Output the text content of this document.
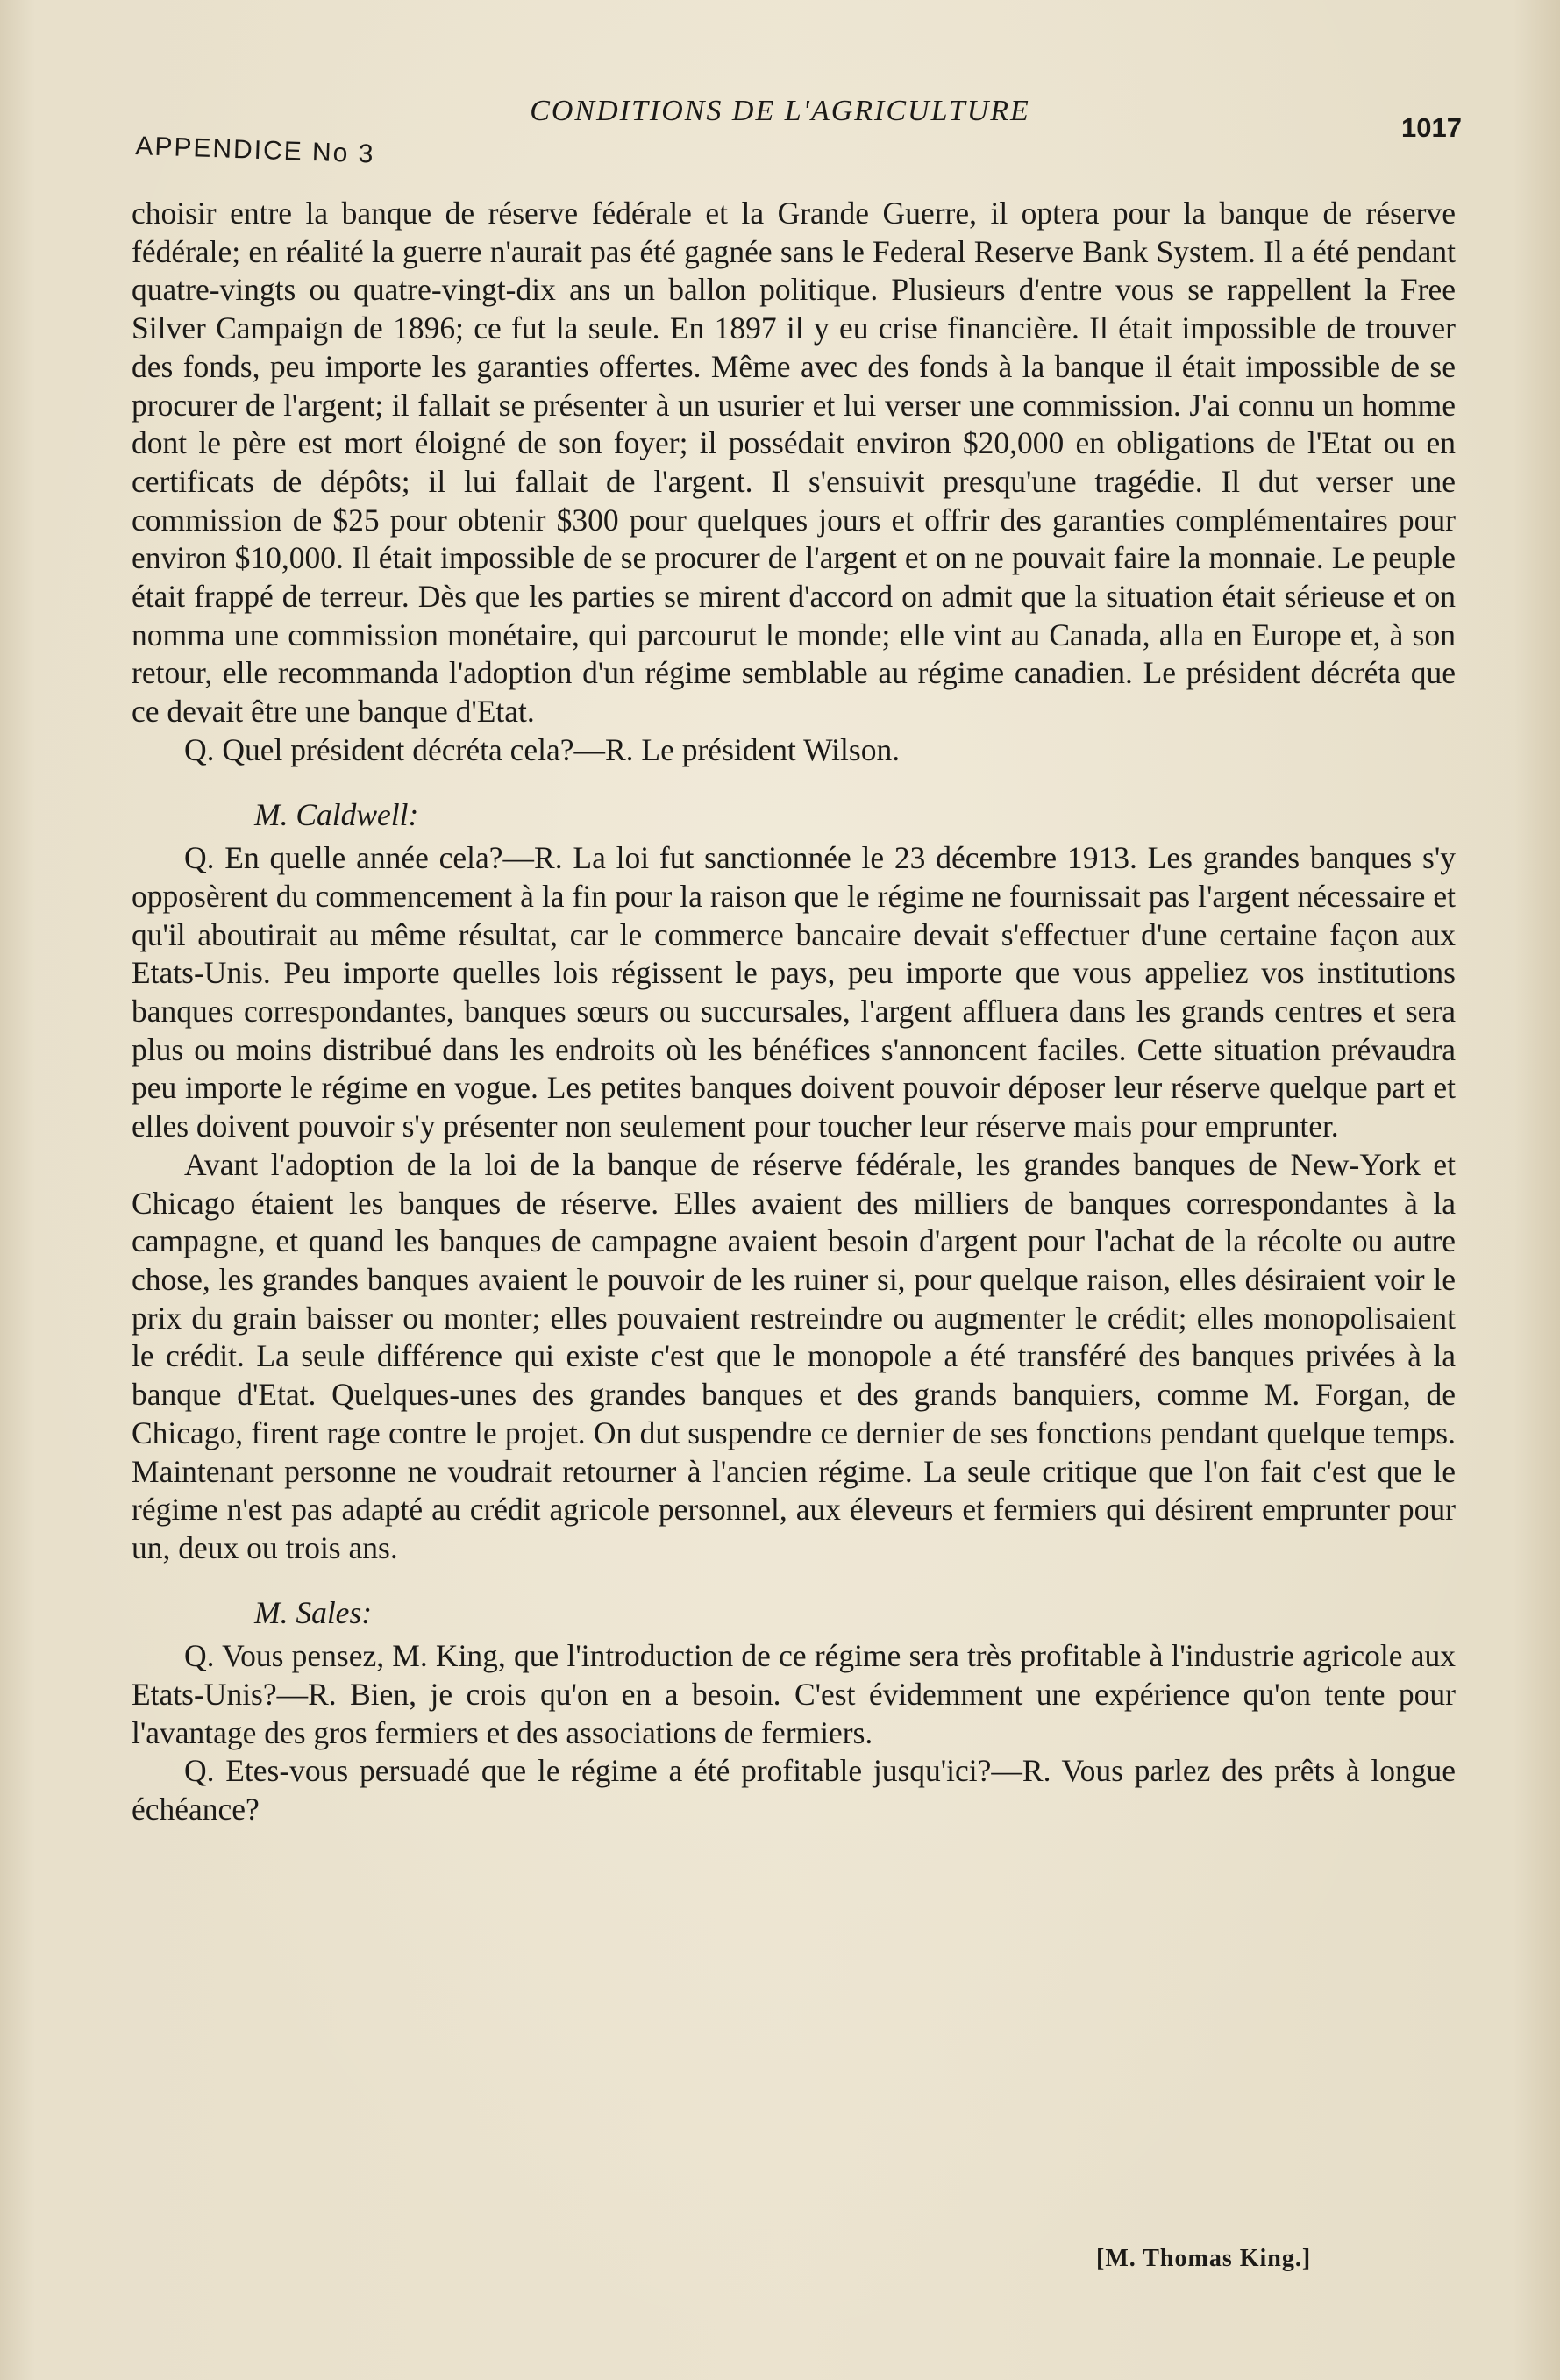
CONDITIONS DE L'AGRICULTURE
APPENDICE No 3
1017

choisir entre la banque de réserve fédérale et la Grande Guerre, il optera pour la banque de réserve fédérale; en réalité la guerre n'aurait pas été gagnée sans le Federal Reserve Bank System. Il a été pendant quatre-vingts ou quatre-vingt-dix ans un ballon politique. Plusieurs d'entre vous se rappellent la Free Silver Campaign de 1896; ce fut la seule. En 1897 il y eu crise financière. Il était impossible de trouver des fonds, peu importe les garanties offertes. Même avec des fonds à la banque il était impossible de se procurer de l'argent; il fallait se présenter à un usurier et lui verser une commission. J'ai connu un homme dont le père est mort éloigné de son foyer; il possédait environ $20,000 en obligations de l'Etat ou en certificats de dépôts; il lui fallait de l'argent. Il s'ensuivit presqu'une tragédie. Il dut verser une commission de $25 pour obtenir $300 pour quelques jours et offrir des garanties complémentaires pour environ $10,000. Il était impossible de se procurer de l'argent et on ne pouvait faire la monnaie. Le peuple était frappé de terreur. Dès que les parties se mirent d'accord on admit que la situation était sérieuse et on nomma une commission monétaire, qui parcourut le monde; elle vint au Canada, alla en Europe et, à son retour, elle recommanda l'adoption d'un régime semblable au régime canadien. Le président décréta que ce devait être une banque d'Etat.

Q. Quel président décréta cela?—R. Le président Wilson.

M. Caldwell:

Q. En quelle année cela?—R. La loi fut sanctionnée le 23 décembre 1913. Les grandes banques s'y opposèrent du commencement à la fin pour la raison que le régime ne fournissait pas l'argent nécessaire et qu'il aboutirait au même résultat, car le commerce bancaire devait s'effectuer d'une certaine façon aux Etats-Unis. Peu importe quelles lois régissent le pays, peu importe que vous appeliez vos institutions banques correspondantes, banques sœurs ou succursales, l'argent affluera dans les grands centres et sera plus ou moins distribué dans les endroits où les bénéfices s'annoncent faciles. Cette situation prévaudra peu importe le régime en vogue. Les petites banques doivent pouvoir déposer leur réserve quelque part et elles doivent pouvoir s'y présenter non seulement pour toucher leur réserve mais pour emprunter.

Avant l'adoption de la loi de la banque de réserve fédérale, les grandes banques de New-York et Chicago étaient les banques de réserve. Elles avaient des milliers de banques correspondantes à la campagne, et quand les banques de campagne avaient besoin d'argent pour l'achat de la récolte ou autre chose, les grandes banques avaient le pouvoir de les ruiner si, pour quelque raison, elles désiraient voir le prix du grain baisser ou monter; elles pouvaient restreindre ou augmenter le crédit; elles monopolisaient le crédit. La seule différence qui existe c'est que le monopole a été transféré des banques privées à la banque d'Etat. Quelques-unes des grandes banques et des grands banquiers, comme M. Forgan, de Chicago, firent rage contre le projet. On dut suspendre ce dernier de ses fonctions pendant quelque temps. Maintenant personne ne voudrait retourner à l'ancien régime. La seule critique que l'on fait c'est que le régime n'est pas adapté au crédit agricole personnel, aux éleveurs et fermiers qui désirent emprunter pour un, deux ou trois ans.

M. Sales:

Q. Vous pensez, M. King, que l'introduction de ce régime sera très profitable à l'industrie agricole aux Etats-Unis?—R. Bien, je crois qu'on en a besoin. C'est évidemment une expérience qu'on tente pour l'avantage des gros fermiers et des associations de fermiers.

Q. Etes-vous persuadé que le régime a été profitable jusqu'ici?—R. Vous parlez des prêts à longue échéance?

[M. Thomas King.]
